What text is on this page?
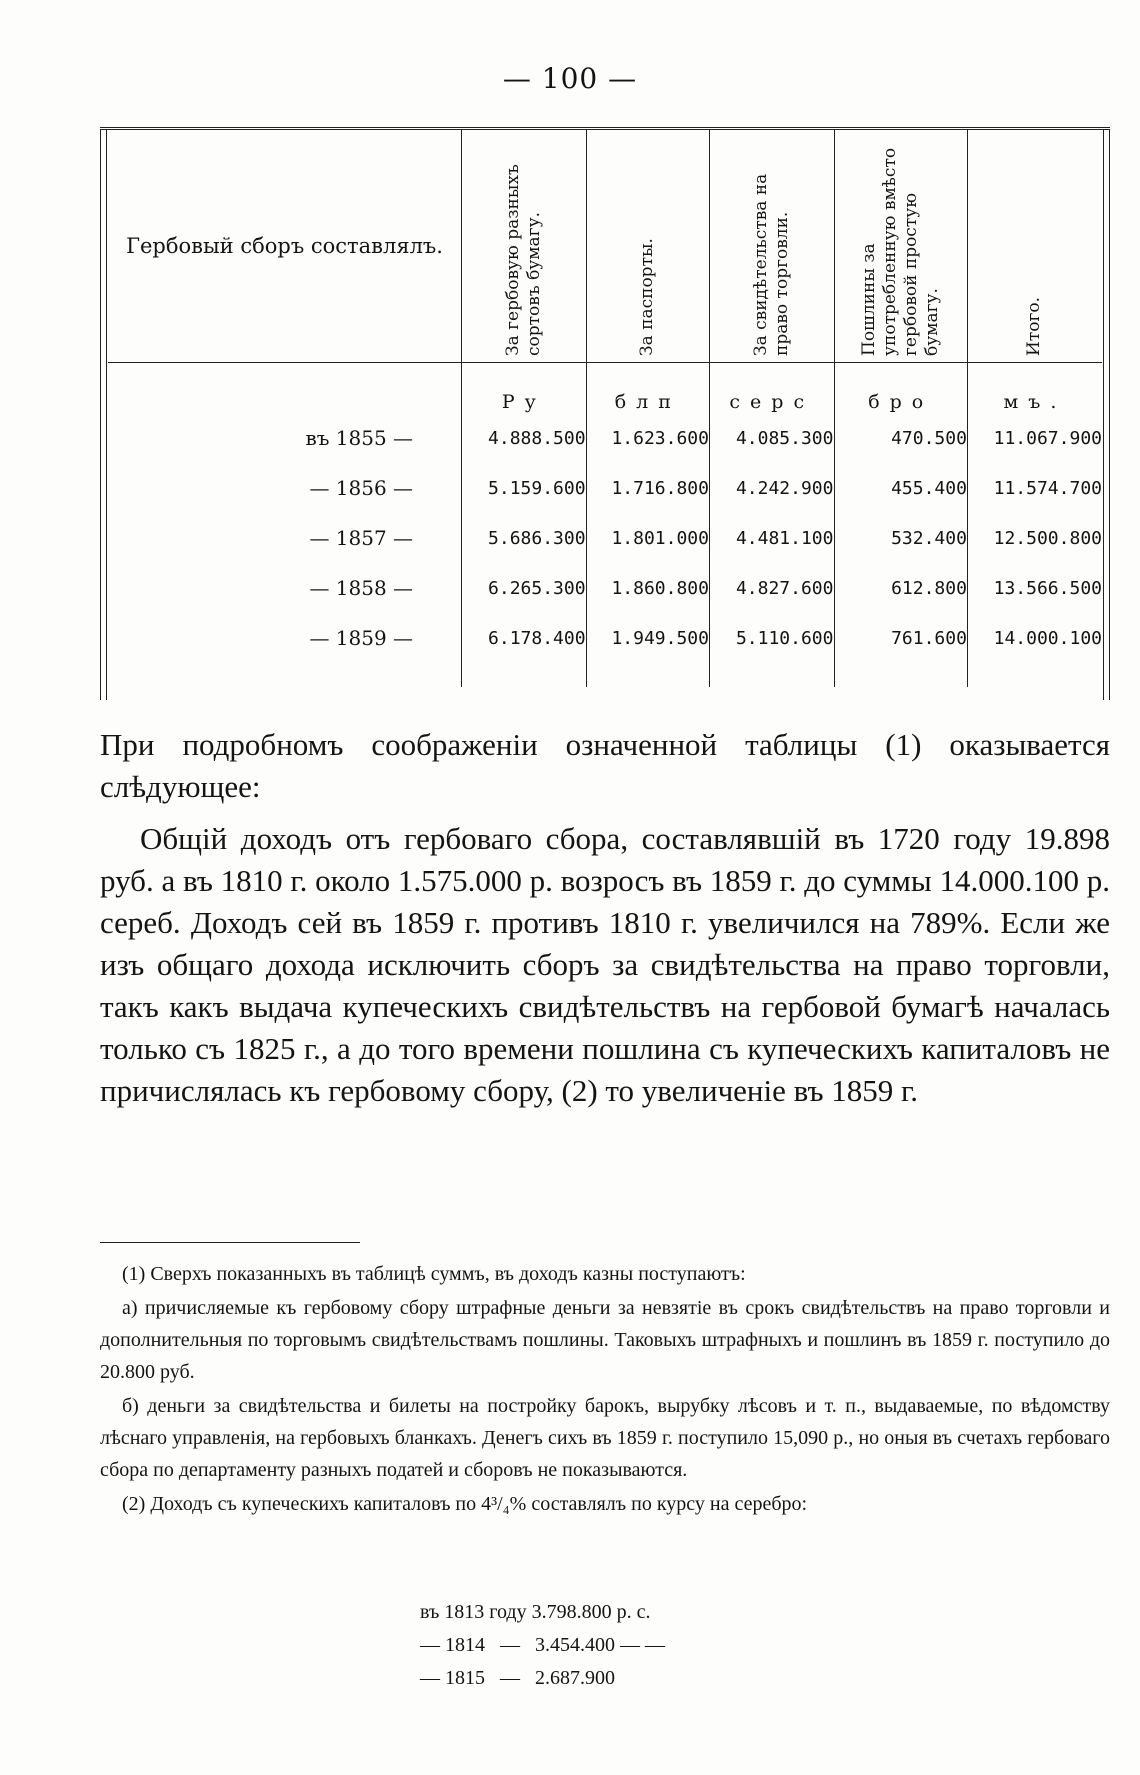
— 100 —
Гербовый сборъ составлялъ.	За гербовую разныхъ сортовъ бумагу.	За паспорты.	За свидѣтельства на право торговли.	Пошлины за употребленную вмѣсто гербовой простую бумагу.	Итого.

	Ру	блп	серс	бро	мъ.
въ 1855 —	4.888.500	1.623.600	4.085.300	470.500	11.067.900
— 1856 —	5.159.600	1.716.800	4.242.900	455.400	11.574.700
— 1857 —	5.686.300	1.801.000	4.481.100	532.400	12.500.800
— 1858 —	6.265.300	1.860.800	4.827.600	612.800	13.566.500
— 1859 —	6.178.400	1.949.500	5.110.600	761.600	14.000.100

При подробномъ соображеніи означенной таблицы (1) оказывается слѣдующее:

Общій доходъ отъ гербоваго сбора, составлявшій въ 1720 году 19.898 руб. а въ 1810 г. около 1.575.000 р. возросъ въ 1859 г. до суммы 14.000.100 р. сереб. Доходъ сей въ 1859 г. противъ 1810 г. увеличился на 789%. Если же изъ общаго дохода исключить сборъ за свидѣтельства на право торговли, такъ какъ выдача купеческихъ свидѣтельствъ на гербовой бумагѣ началась только съ 1825 г., а до того времени пошлина съ купеческихъ капиталовъ не причислялась къ гербовому сбору, (2) то увеличеніе въ 1859 г.

(1) Сверхъ показанныхъ въ таблицѣ суммъ, въ доходъ казны поступаютъ:

а) причисляемые къ гербовому сбору штрафные деньги за невзятіе въ срокъ свидѣтельствъ на право торговли и дополнительныя по торговымъ свидѣтельствамъ пошлины. Таковыхъ штрафныхъ и пошлинъ въ 1859 г. поступило до 20.800 руб.

б) деньги за свидѣтельства и билеты на постройку барокъ, вырубку лѣсовъ и т. п., выдаваемые, по вѣдомству лѣснаго управленія, на гербовыхъ бланкахъ. Денегъ сихъ въ 1859 г. поступило 15,090 р., но оныя въ счетахъ гербоваго сбора по департаменту разныхъ податей и сборовъ не показываются.

(2) Доходъ съ купеческихъ капиталовъ по 4³/₄% составлялъ по курсу на серебро:

въ 1813 году 3.798.800 р. с.
— 1814   —   3.454.400 — —
— 1815   —   2.687.900
